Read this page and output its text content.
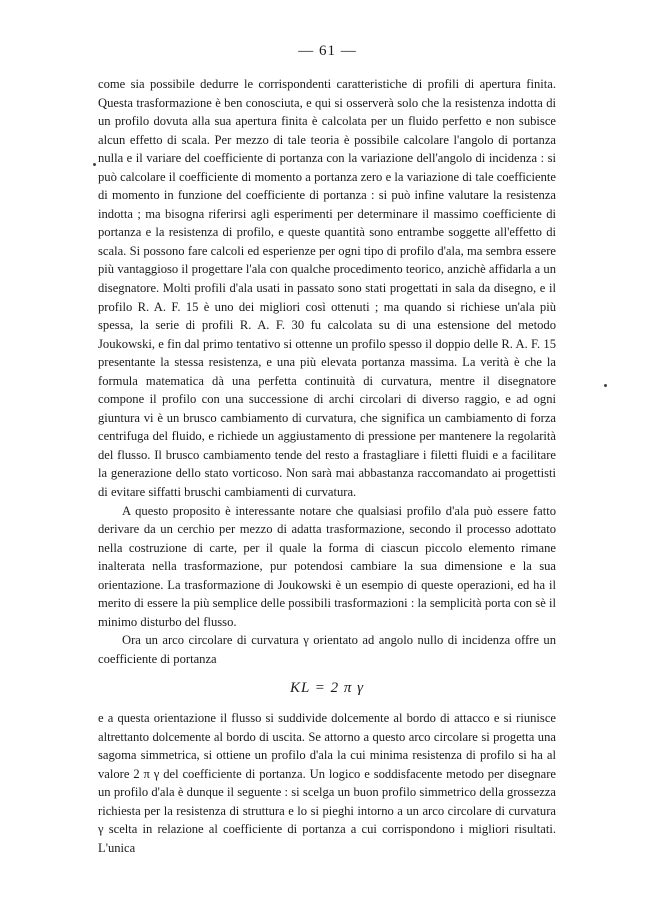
— 61 —

come sia possibile dedurre le corrispondenti caratteristiche di profili di apertura finita. Questa trasformazione è ben conosciuta, e qui si osserverà solo che la resistenza indotta di un profilo dovuta alla sua apertura finita è calcolata per un fluido perfetto e non subisce alcun effetto di scala. Per mezzo di tale teoria è possibile calcolare l'angolo di portanza nulla e il variare del coefficiente di portanza con la variazione dell'angolo di incidenza : si può calcolare il coefficiente di momento a portanza zero e la variazione di tale coefficiente di momento in funzione del coefficiente di portanza : si può infine valutare la resistenza indotta ; ma bisogna riferirsi agli esperimenti per determinare il massimo coefficiente di portanza e la resistenza di profilo, e queste quantità sono entrambe soggette all'effetto di scala. Si possono fare calcoli ed esperienze per ogni tipo di profilo d'ala, ma sembra essere più vantaggioso il progettare l'ala con qualche procedimento teorico, anzichè affidarla a un disegnatore. Molti profili d'ala usati in passato sono stati progettati in sala da disegno, e il profilo R. A. F. 15 è uno dei migliori così ottenuti ; ma quando si richiese un'ala più spessa, la serie di profili R. A. F. 30 fu calcolata su di una estensione del metodo Joukowski, e fin dal primo tentativo si ottenne un profilo spesso il doppio delle R. A. F. 15 presentante la stessa resistenza, e una più elevata portanza massima. La verità è che la formula matematica dà una perfetta continuità di curvatura, mentre il disegnatore compone il profilo con una successione di archi circolari di diverso raggio, e ad ogni giuntura vi è un brusco cambiamento di curvatura, che significa un cambiamento di forza centrifuga del fluido, e richiede un aggiustamento di pressione per mantenere la regolarità del flusso. Il brusco cambiamento tende del resto a frastagliare i filetti fluidi e a facilitare la generazione dello stato vorticoso. Non sarà mai abbastanza raccomandato ai progettisti di evitare siffatti bruschi cambiamenti di curvatura.

A questo proposito è interessante notare che qualsiasi profilo d'ala può essere fatto derivare da un cerchio per mezzo di adatta trasformazione, secondo il processo adottato nella costruzione di carte, per il quale la forma di ciascun piccolo elemento rimane inalterata nella trasformazione, pur potendosi cambiare la sua dimensione e la sua orientazione. La trasformazione di Joukowski è un esempio di queste operazioni, ed ha il merito di essere la più semplice delle possibili trasformazioni : la semplicità porta con sè il minimo disturbo del flusso.

Ora un arco circolare di curvatura γ orientato ad angolo nullo di incidenza offre un coefficiente di portanza

KL = 2 π γ

e a questa orientazione il flusso si suddivide dolcemente al bordo di attacco e si riunisce altrettanto dolcemente al bordo di uscita. Se attorno a questo arco circolare si progetta una sagoma simmetrica, si ottiene un profilo d'ala la cui minima resistenza di profilo si ha al valore 2 π γ del coefficiente di portanza. Un logico e soddisfacente metodo per disegnare un profilo d'ala è dunque il seguente : si scelga un buon profilo simmetrico della grossezza richiesta per la resistenza di struttura e lo si pieghi intorno a un arco circolare di curvatura γ scelta in relazione al coefficiente di portanza a cui corrispondono i migliori risultati. L'unica
